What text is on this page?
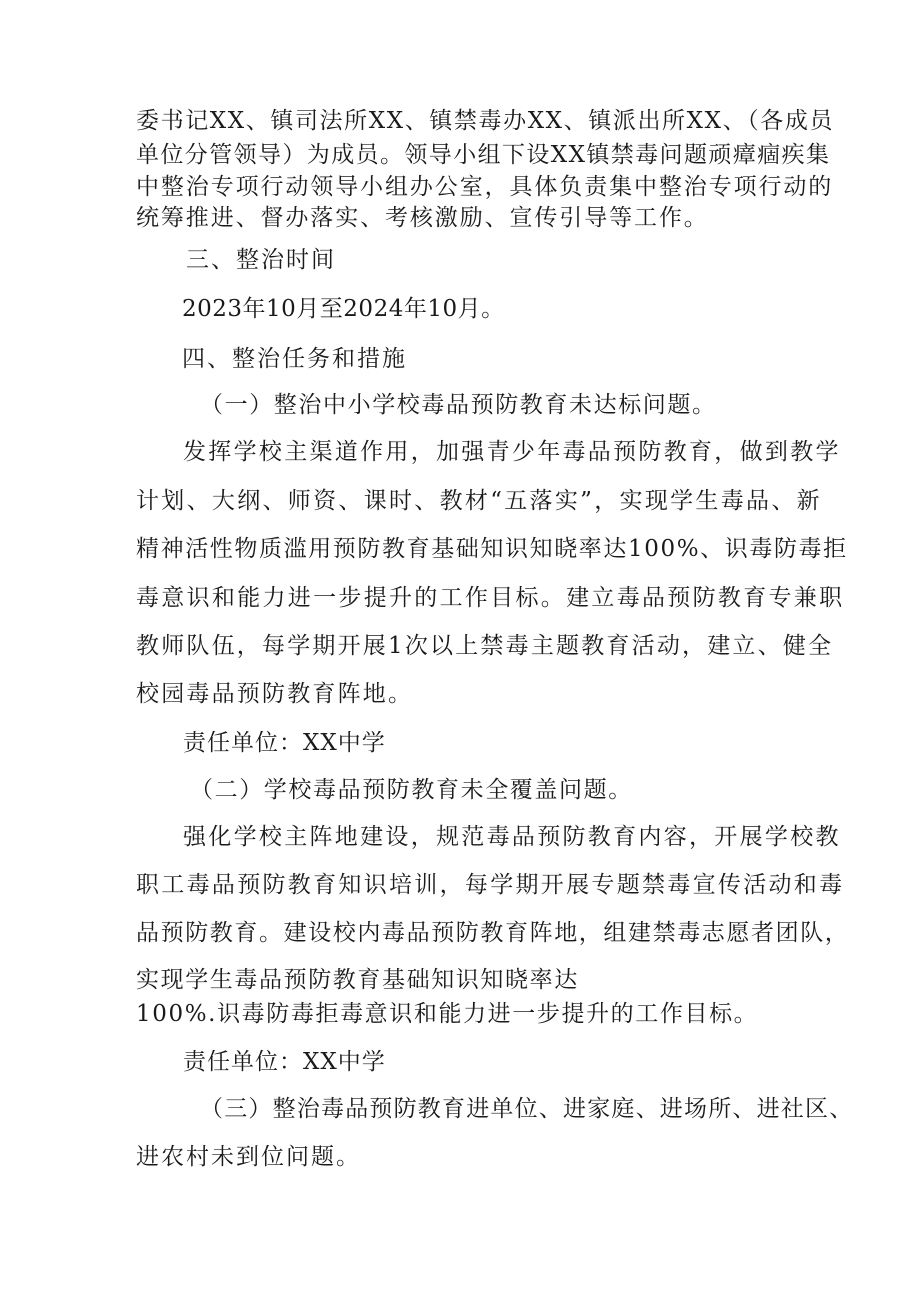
委书记XX、镇司法所XX、镇禁毒办XX、镇派出所XX、（各成员
单位分管领导）为成员。领导小组下设XX镇禁毒问题顽瘴痼疾集
中整治专项行动领导小组办公室，具体负责集中整治专项行动的
统筹推进、督办落实、考核激励、宣传引导等工作。
三、整治时间
2023年10月至2024年10月。
四、整治任务和措施
（一）整治中小学校毒品预防教育未达标问题。
发挥学校主渠道作用，加强青少年毒品预防教育，做到教学
计划、大纲、师资、课时、教材“五落实”，实现学生毒品、新
精神活性物质滥用预防教育基础知识知晓率达100%、识毒防毒拒
毒意识和能力进一步提升的工作目标。建立毒品预防教育专兼职
教师队伍，每学期开展1次以上禁毒主题教育活动，建立、健全
校园毒品预防教育阵地。
责任单位：XX中学
（二）学校毒品预防教育未全覆盖问题。
强化学校主阵地建设，规范毒品预防教育内容，开展学校教
职工毒品预防教育知识培训，每学期开展专题禁毒宣传活动和毒
品预防教育。建设校内毒品预防教育阵地，组建禁毒志愿者团队，
实现学生毒品预防教育基础知识知晓率达
100%.识毒防毒拒毒意识和能力进一步提升的工作目标。
责任单位：XX中学
（三）整治毒品预防教育进单位、进家庭、进场所、进社区、
进农村未到位问题。
